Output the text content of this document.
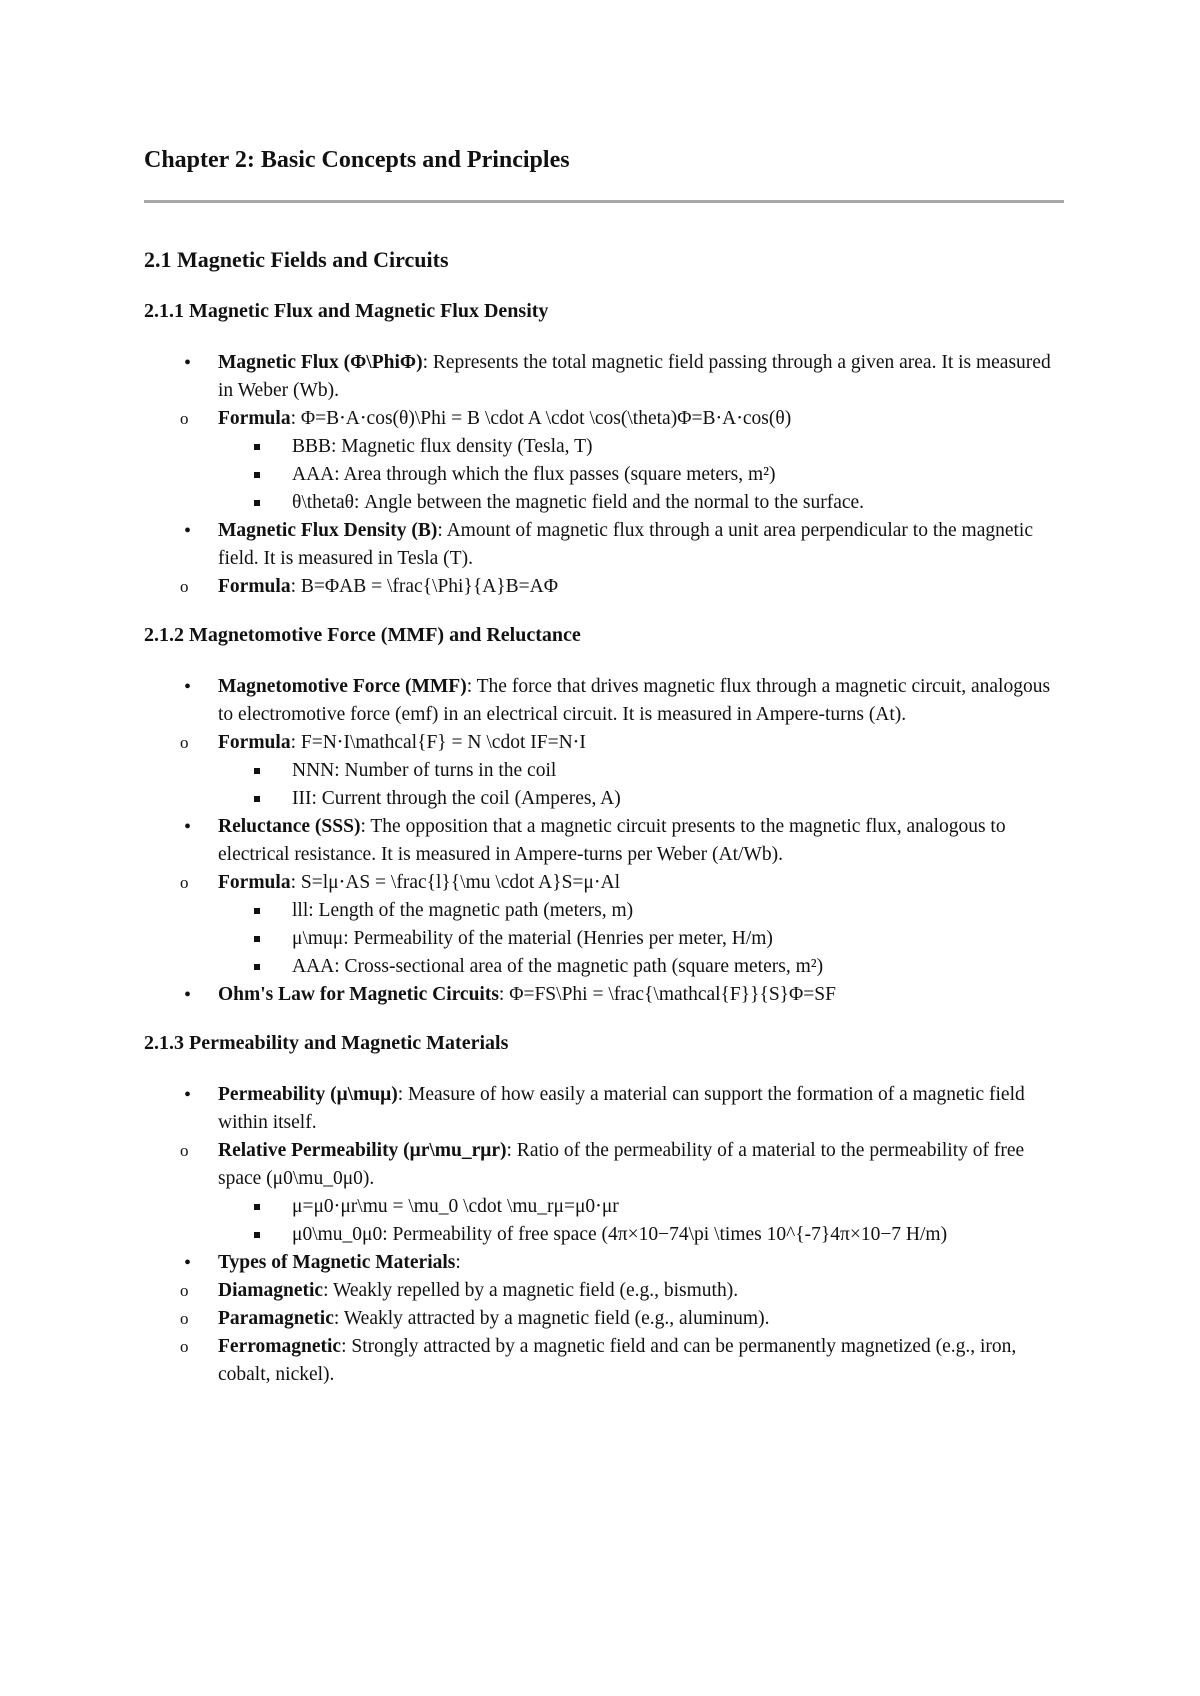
Chapter 2: Basic Concepts and Principles
2.1 Magnetic Fields and Circuits
2.1.1 Magnetic Flux and Magnetic Flux Density
• Magnetic Flux (Φ\PhiΦ): Represents the total magnetic field passing through a given area. It is measured in Weber (Wb).
o Formula: Φ=B⋅A⋅cos(θ)\Phi = B \cdot A \cdot \cos(\theta)Φ=B⋅A⋅cos(θ)
BBB: Magnetic flux density (Tesla, T)
AAA: Area through which the flux passes (square meters, m²)
θ\thetaθ: Angle between the magnetic field and the normal to the surface.
• Magnetic Flux Density (B): Amount of magnetic flux through a unit area perpendicular to the magnetic field. It is measured in Tesla (T).
o Formula: B=ΦAB = \frac{\Phi}{A}B=AΦ
2.1.2 Magnetomotive Force (MMF) and Reluctance
• Magnetomotive Force (MMF): The force that drives magnetic flux through a magnetic circuit, analogous to electromotive force (emf) in an electrical circuit. It is measured in Ampere-turns (At).
o Formula: F=N⋅I\mathcal{F} = N \cdot IF=N⋅I
NNN: Number of turns in the coil
III: Current through the coil (Amperes, A)
• Reluctance (SSS): The opposition that a magnetic circuit presents to the magnetic flux, analogous to electrical resistance. It is measured in Ampere-turns per Weber (At/Wb).
o Formula: S=lμ⋅AS = \frac{l}{\mu \cdot A}S=μ⋅Al
lll: Length of the magnetic path (meters, m)
μ\muμ: Permeability of the material (Henries per meter, H/m)
AAA: Cross-sectional area of the magnetic path (square meters, m²)
• Ohm's Law for Magnetic Circuits: Φ=FS\Phi = \frac{\mathcal{F}}{S}Φ=SF
2.1.3 Permeability and Magnetic Materials
• Permeability (μ\muμ): Measure of how easily a material can support the formation of a magnetic field within itself.
o Relative Permeability (μr\mu_rμr): Ratio of the permeability of a material to the permeability of free space (μ0\mu_0μ0).
μ=μ0⋅μr\mu = \mu_0 \cdot \mu_rμ=μ0⋅μr
μ0\mu_0μ0: Permeability of free space (4π×10−74\pi \times 10^{-7}4π×10−7 H/m)
• Types of Magnetic Materials:
o Diamagnetic: Weakly repelled by a magnetic field (e.g., bismuth).
o Paramagnetic: Weakly attracted by a magnetic field (e.g., aluminum).
o Ferromagnetic: Strongly attracted by a magnetic field and can be permanently magnetized (e.g., iron, cobalt, nickel).
